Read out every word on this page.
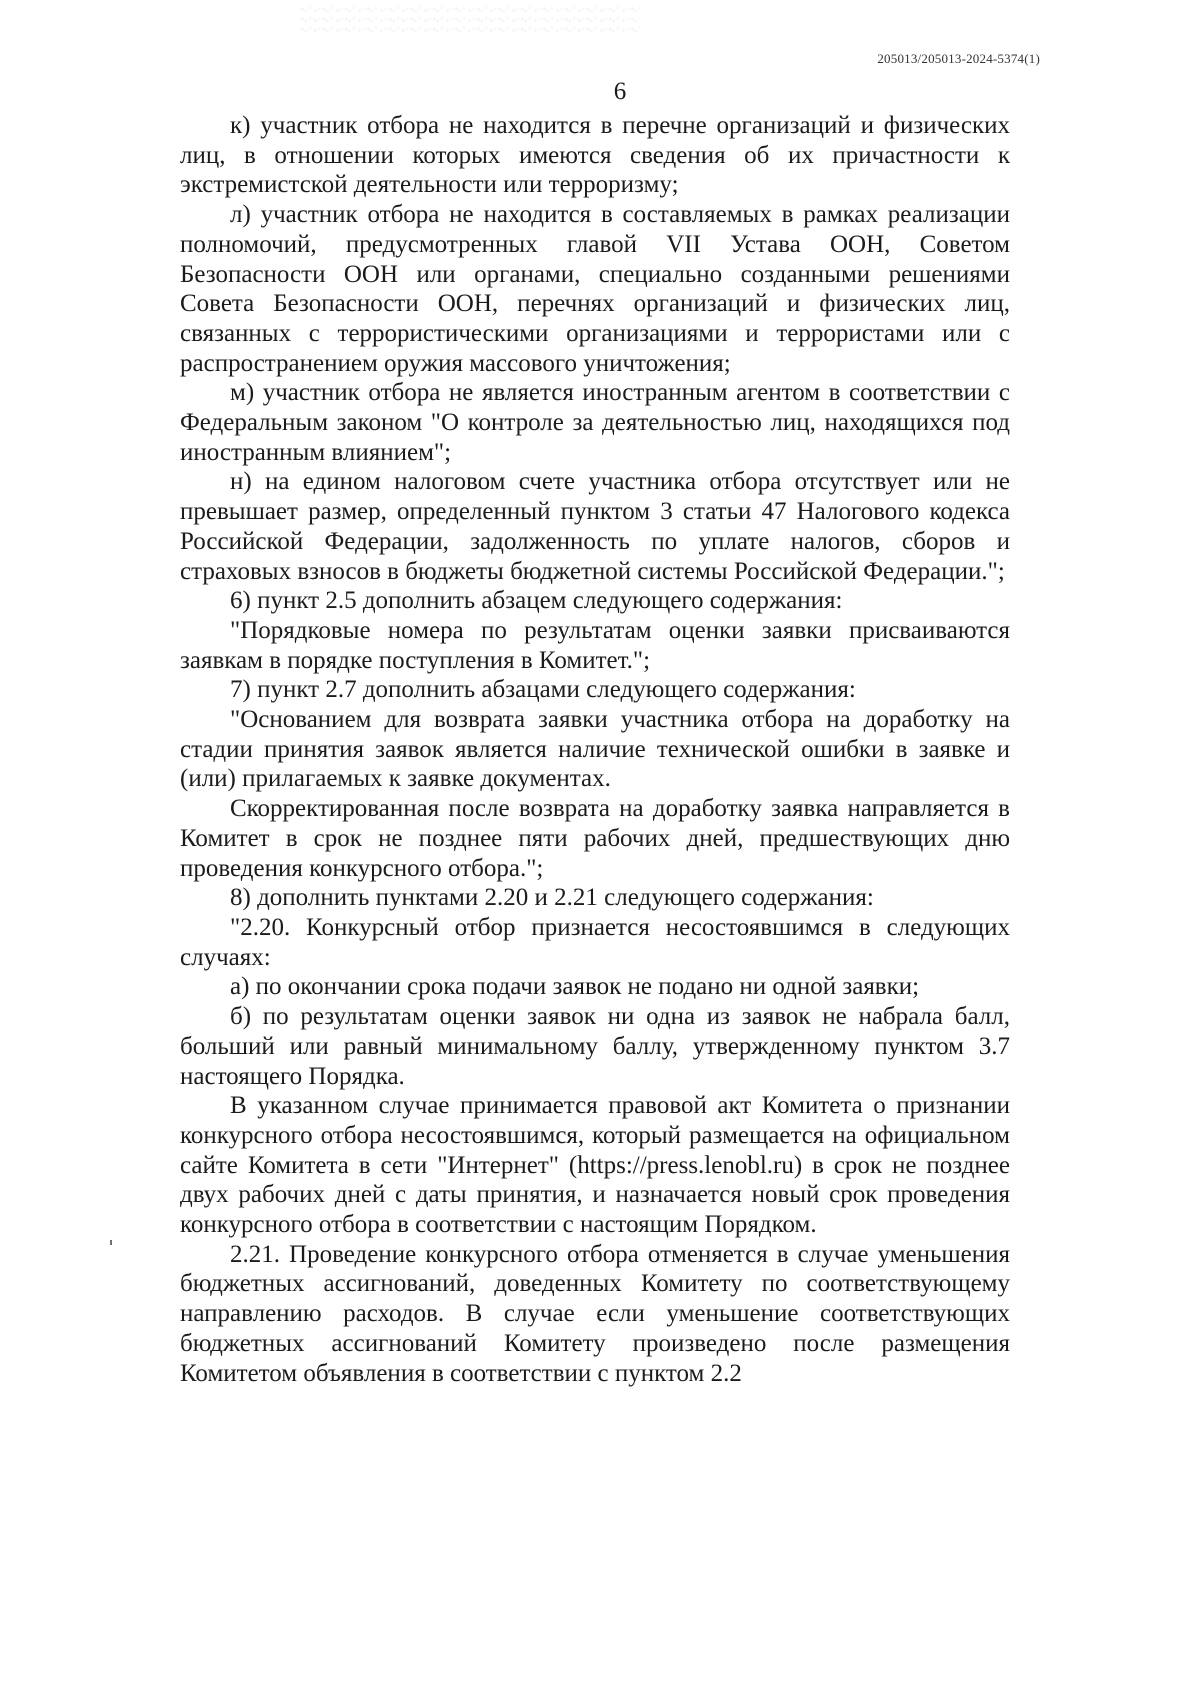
205013/205013-2024-5374(1)
6

к) участник отбора не находится в перечне организаций и физических лиц, в отношении которых имеются сведения об их причастности к экстремистской деятельности или терроризму;

л) участник отбора не находится в составляемых в рамках реализации полномочий, предусмотренных главой VII Устава ООН, Советом Безопасности ООН или органами, специально созданными решениями Совета Безопасности ООН, перечнях организаций и физических лиц, связанных с террористическими организациями и террористами или с распространением оружия массового уничтожения;

м) участник отбора не является иностранным агентом в соответствии с Федеральным законом "О контроле за деятельностью лиц, находящихся под иностранным влиянием";

н) на едином налоговом счете участника отбора отсутствует или не превышает размер, определенный пунктом 3 статьи 47 Налогового кодекса Российской Федерации, задолженность по уплате налогов, сборов и страховых взносов в бюджеты бюджетной системы Российской Федерации.";

6) пункт 2.5 дополнить абзацем следующего содержания:

"Порядковые номера по результатам оценки заявки присваиваются заявкам в порядке поступления в Комитет.";

7) пункт 2.7 дополнить абзацами следующего содержания:

"Основанием для возврата заявки участника отбора на доработку на стадии принятия заявок является наличие технической ошибки в заявке и (или) прилагаемых к заявке документах.

Скорректированная после возврата на доработку заявка направляется в Комитет в срок не позднее пяти рабочих дней, предшествующих дню проведения конкурсного отбора.";

8) дополнить пунктами 2.20 и 2.21 следующего содержания:

"2.20. Конкурсный отбор признается несостоявшимся в следующих случаях:

а) по окончании срока подачи заявок не подано ни одной заявки;

б) по результатам оценки заявок ни одна из заявок не набрала балл, больший или равный минимальному баллу, утвержденному пунктом 3.7 настоящего Порядка.

В указанном случае принимается правовой акт Комитета о признании конкурсного отбора несостоявшимся, который размещается на официальном сайте Комитета в сети "Интернет" (https://press.lenobl.ru) в срок не позднее двух рабочих дней с даты принятия, и назначается новый срок проведения конкурсного отбора в соответствии с настоящим Порядком.

2.21. Проведение конкурсного отбора отменяется в случае уменьшения бюджетных ассигнований, доведенных Комитету по соответствующему направлению расходов. В случае если уменьшение соответствующих бюджетных ассигнований Комитету произведено после размещения Комитетом объявления в соответствии с пунктом 2.2
